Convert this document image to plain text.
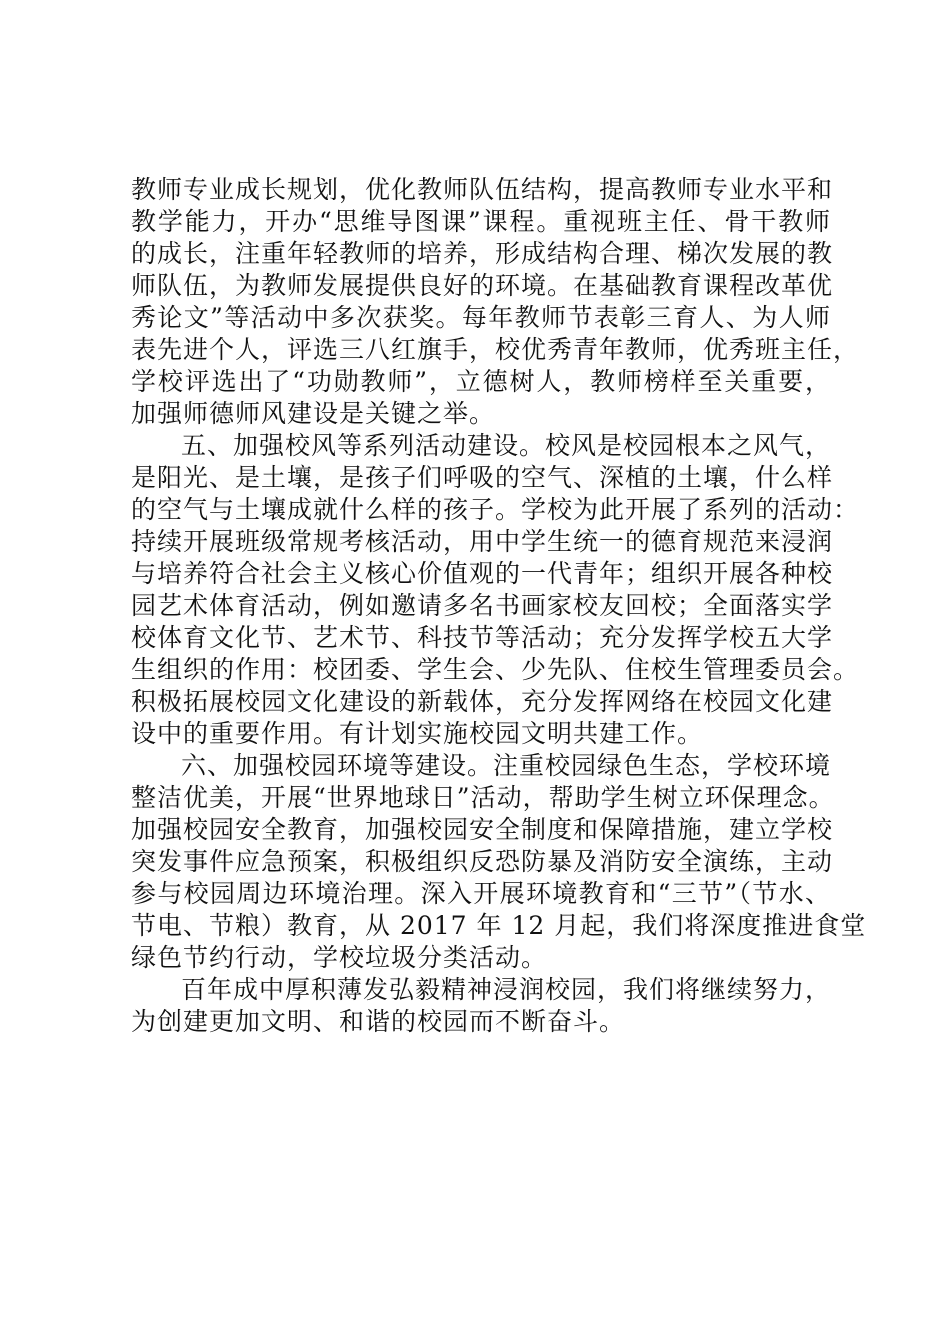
教师专业成长规划，优化教师队伍结构，提高教师专业水平和
教学能力，开办“思维导图课”课程。重视班主任、骨干教师
的成长，注重年轻教师的培养，形成结构合理、梯次发展的教
师队伍，为教师发展提供良好的环境。在基础教育课程改革优
秀论文”等活动中多次获奖。每年教师节表彰三育人、为人师
表先进个人，评选三八红旗手，校优秀青年教师，优秀班主任，
学校评选出了“功勋教师”，立德树人，教师榜样至关重要，
加强师德师风建设是关键之举。
五、加强校风等系列活动建设。校风是校园根本之风气，
是阳光、是土壤，是孩子们呼吸的空气、深植的土壤，什么样
的空气与土壤成就什么样的孩子。学校为此开展了系列的活动：
持续开展班级常规考核活动，用中学生统一的德育规范来浸润
与培养符合社会主义核心价值观的一代青年；组织开展各种校
园艺术体育活动，例如邀请多名书画家校友回校；全面落实学
校体育文化节、艺术节、科技节等活动；充分发挥学校五大学
生组织的作用：校团委、学生会、少先队、住校生管理委员会。
积极拓展校园文化建设的新载体，充分发挥网络在校园文化建
设中的重要作用。有计划实施校园文明共建工作。
六、加强校园环境等建设。注重校园绿色生态，学校环境
整洁优美，开展“世界地球日”活动，帮助学生树立环保理念。
加强校园安全教育，加强校园安全制度和保障措施，建立学校
突发事件应急预案，积极组织反恐防暴及消防安全演练，主动
参与校园周边环境治理。深入开展环境教育和“三节”（节水、
节电、节粮）教育，从 2017 年 12 月起，我们将深度推进食堂
绿色节约行动，学校垃圾分类活动。
百年成中厚积薄发弘毅精神浸润校园，我们将继续努力，
为创建更加文明、和谐的校园而不断奋斗。
